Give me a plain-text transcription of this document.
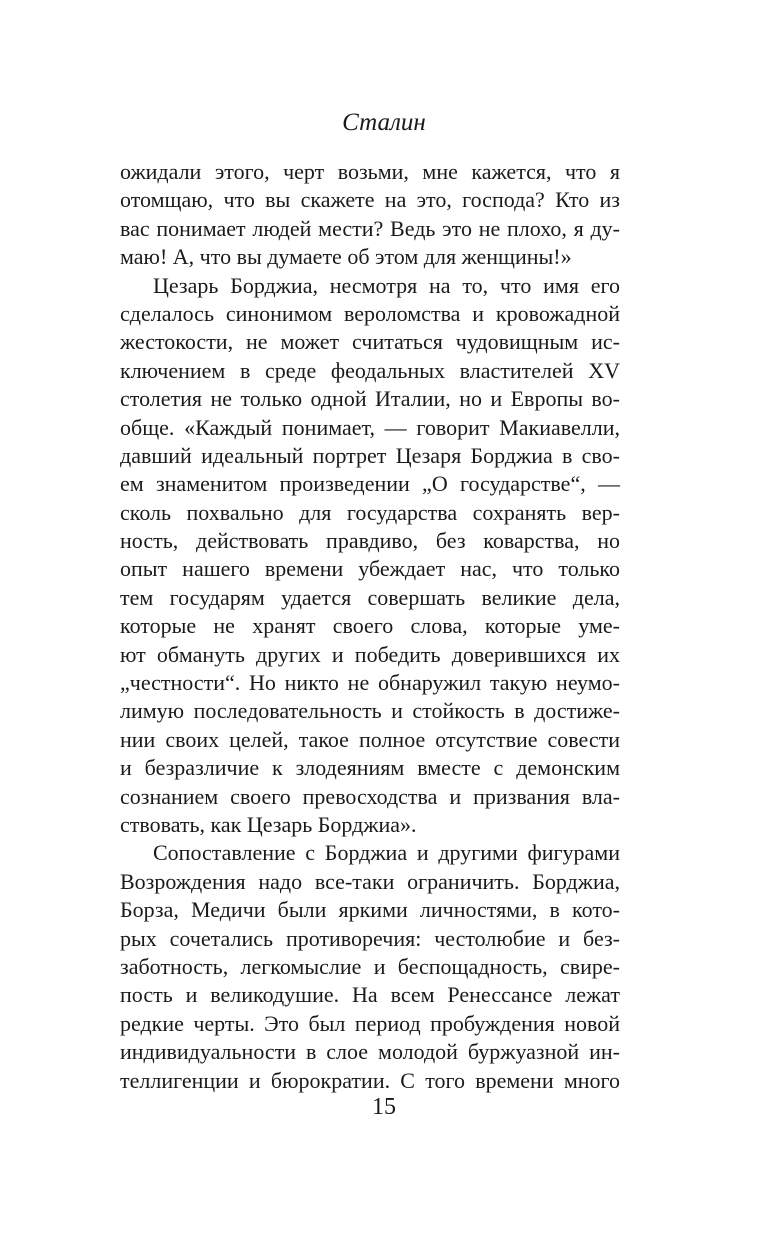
Сталин
ожидали этого, черт возьми, мне кажется, что я
отомщаю, что вы скажете на это, господа? Кто из
вас понимает людей мести? Ведь это не плохо, я ду-
маю! А, что вы думаете об этом для женщины!»
Цезарь Борджиа, несмотря на то, что имя его
сделалось синонимом вероломства и кровожадной
жестокости, не может считаться чудовищным ис-
ключением в среде феодальных властителей XV
столетия не только одной Италии, но и Европы во-
обще. «Каждый понимает, — говорит Макиавелли,
давший идеальный портрет Цезаря Борджиа в сво-
ем знаменитом произведении „О государстве“, —
сколь похвально для государства сохранять вер-
ность, действовать правдиво, без коварства, но
опыт нашего времени убеждает нас, что только
тем государям удается совершать великие дела,
которые не хранят своего слова, которые уме-
ют обмануть других и победить доверившихся их
„честности“. Но никто не обнаружил такую неумо-
лимую последовательность и стойкость в достиже-
нии своих целей, такое полное отсутствие совести
и безразличие к злодеяниям вместе с демонским
сознанием своего превосходства и призвания вла-
ствовать, как Цезарь Борджиа».
Сопоставление с Борджиа и другими фигурами
Возрождения надо все-таки ограничить. Борджиа,
Борза, Медичи были яркими личностями, в кото-
рых сочетались противоречия: честолюбие и без-
заботность, легкомыслие и беспощадность, свире-
пость и великодушие. На всем Ренессансе лежат
редкие черты. Это был период пробуждения новой
индивидуальности в слое молодой буржуазной ин-
теллигенции и бюрократии. С того времени много
15
